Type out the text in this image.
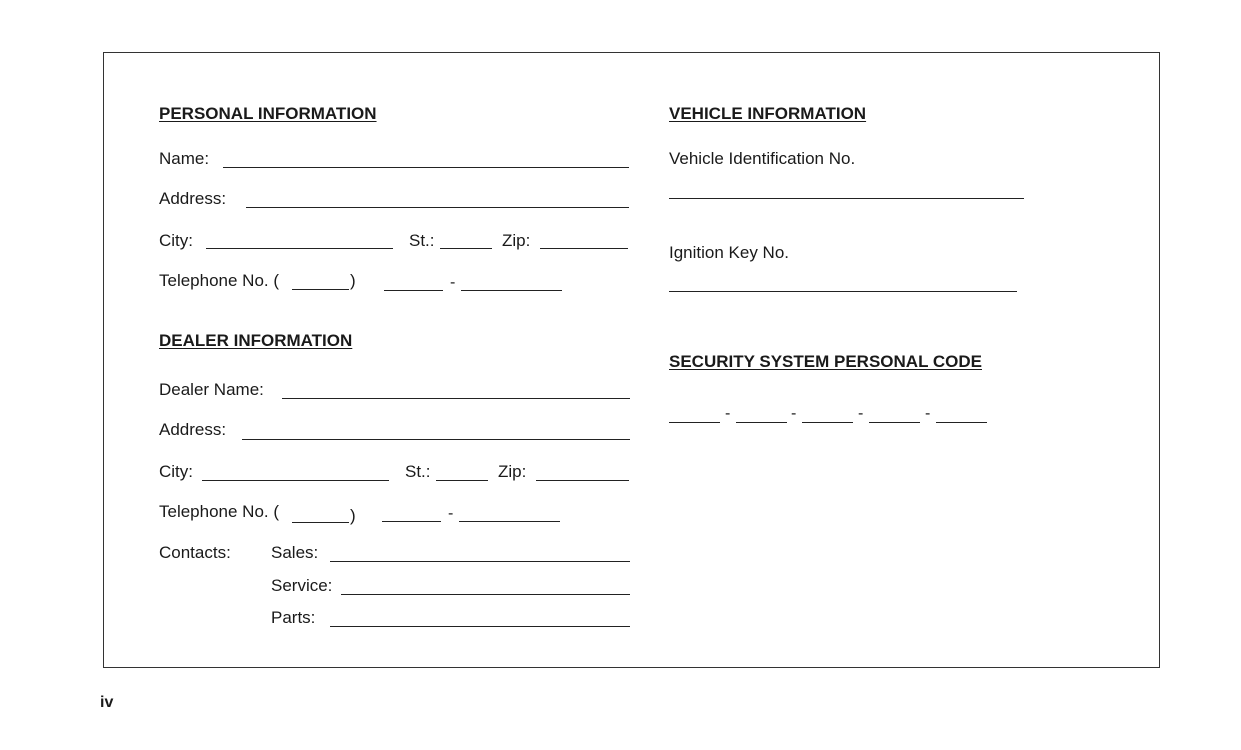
PERSONAL INFORMATION
Name:
Address:
City:	St.:	Zip:
Telephone No. (	)	-
DEALER INFORMATION
Dealer Name:
Address:
City:	St.:	Zip:
Telephone No. (	)	-
Contacts: Sales:
Service:
Parts:
VEHICLE INFORMATION
Vehicle Identification No.
Ignition Key No.
SECURITY SYSTEM PERSONAL CODE
-	-	-	-
iv
